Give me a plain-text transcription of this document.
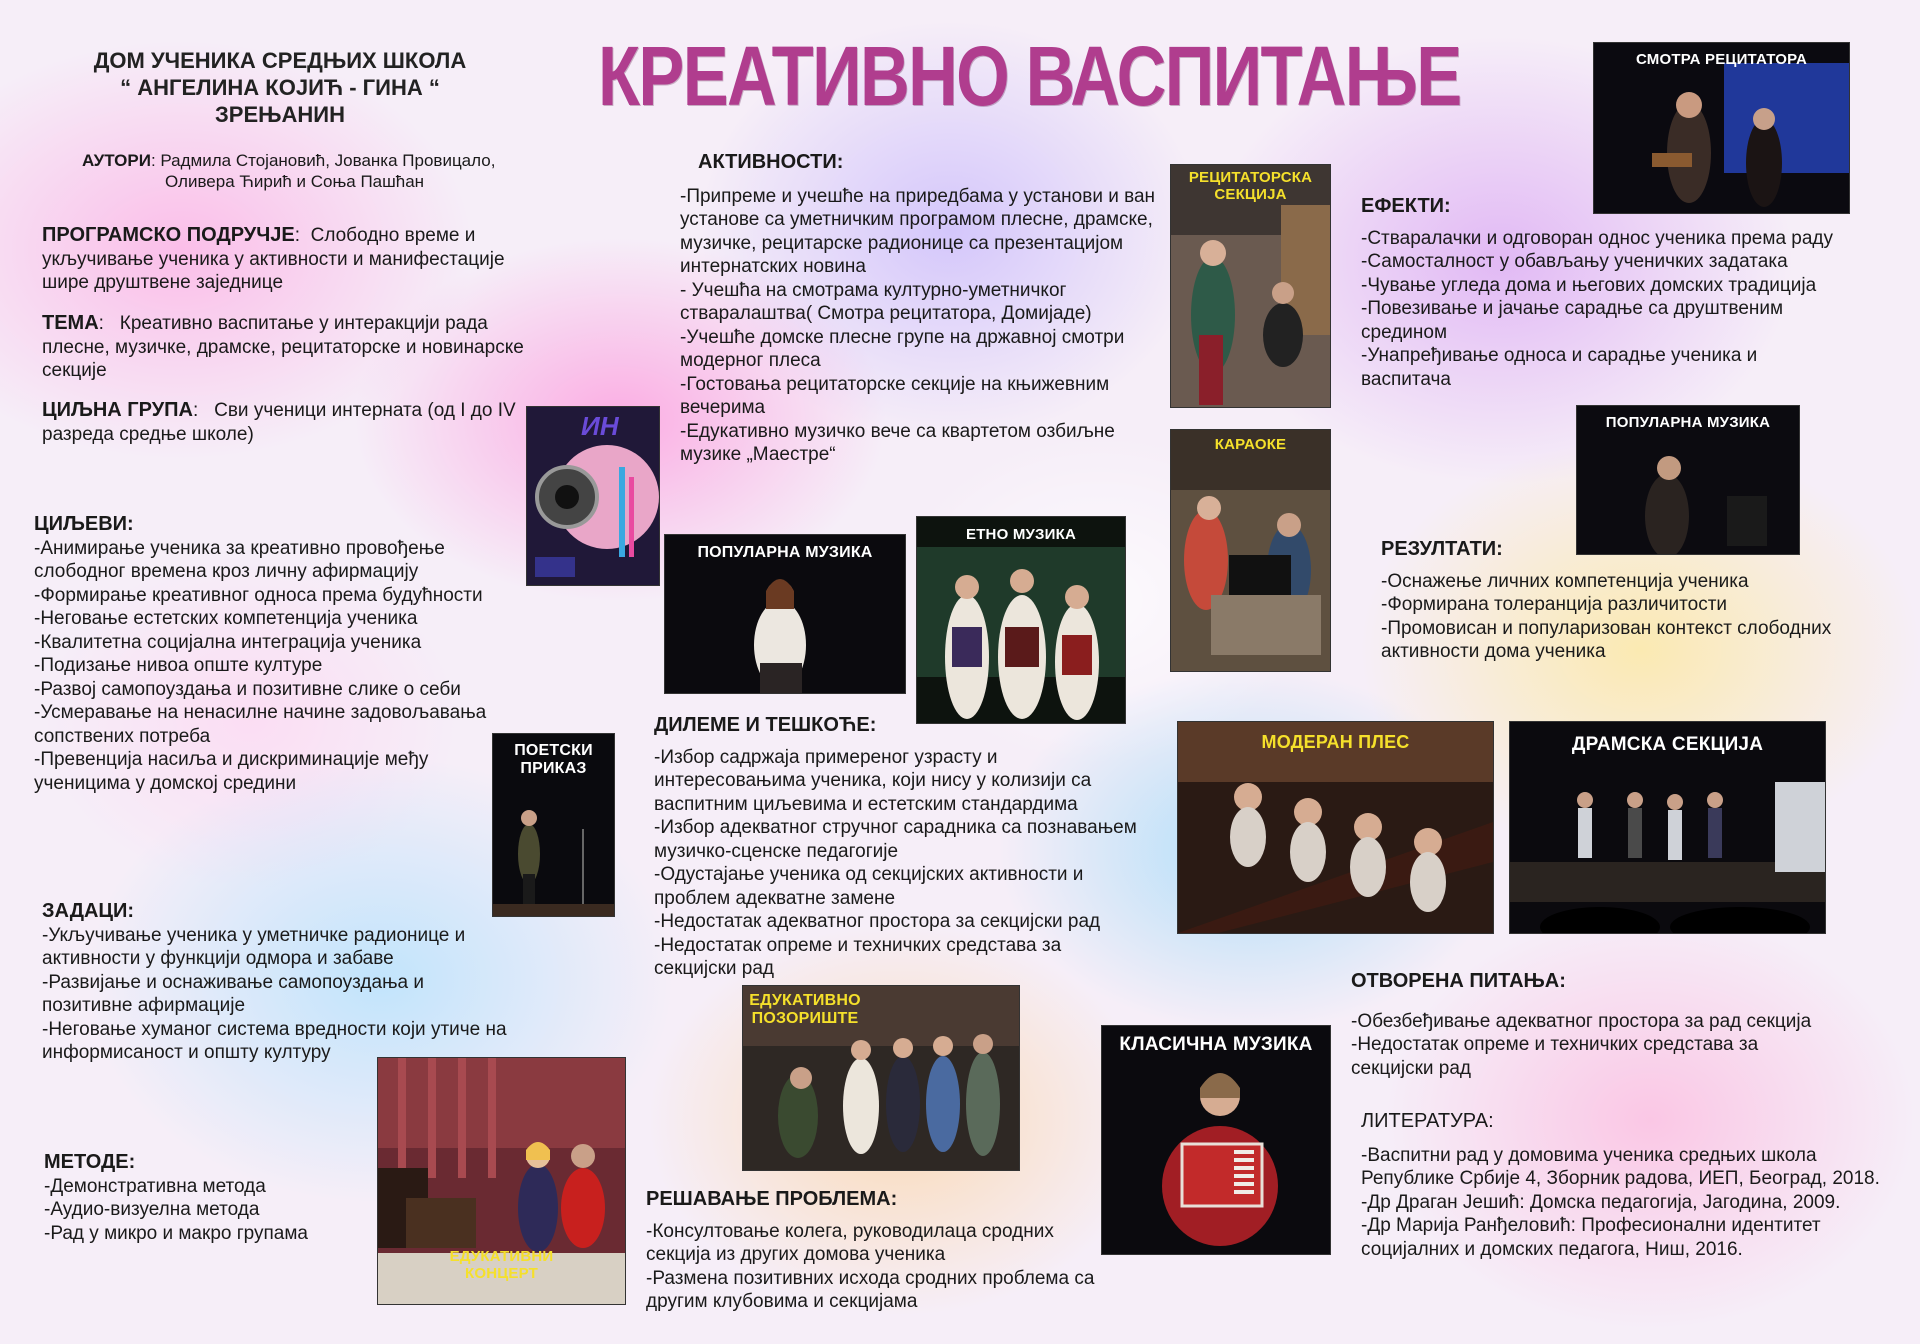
ДОМ УЧЕНИКА СРЕДЊИХ ШКОЛА
“ АНГЕЛИНА КОЈИЋ - ГИНА “
ЗРЕЊАНИН
АУТОРИ: Радмила Стојановић, Јованка Провицало,
Оливера Ћирић и Соња Пашћан
КРЕАТИВНО ВАСПИТАЊЕ

ПРОГРАМСКО ПОДРУЧЈЕ:  Слободно време и укључивање ученика у активности и манифестације шире друштвене заједнице

ТЕМА:   Креативно васпитање у интеракцији рада плесне, музичке, драмске, рецитаторске и новинарске секције

ЦИЉНА ГРУПА:   Сви ученици интерната (од I до IV разреда средње школе)

ЦИЉЕВИ:
-Анимирање ученика за креативно провођење слободног времена кроз личну афирмацију
-Формирање креативног односа према будућности
-Неговање естетских компетенција ученика
-Квалитетна социјална интеграција ученика
-Подизање нивоа опште културе
-Развој самопоуздања и позитивне слике о себи
-Усмеравање на ненасилне начине задовољавања сопствених потреба
-Превенција насиља и дискриминације међу ученицима у домској средини
ЗАДАЦИ:
-Укључивање ученика у уметничке радионице и активности у функцији одмора и забаве
-Развијање и оснаживање самопоуздања и позитивне афирмације
-Неговање хуманог система вредности који утиче на информисаност и општу културу
МЕТОДЕ:
-Демонстративна метода
-Аудио-визуелна метода
-Рад у микро и макро групама
АКТИВНОСТИ:
-Припреме и учешће на приредбама у установи и ван установе са уметничким програмом плесне, драмске, музичке, рецитарске радионице са презентацијом интернатских новина
- Учешћа на смотрама културно-уметничког стваралаштва( Смотра рецитатора, Домијаде)
-Учешће домске плесне групе на државној смотри модерног плеса
-Гостовања рецитаторске секције на књижевним вечерима
-Едукативно музичко вече са квартетом озбиљне музике „Маестре“
ДИЛЕМЕ И ТЕШКОЋЕ:
-Избор садржаја примереног узрасту и интересовањима ученика, који нису у колизији са васпитним циљевима и естетским стандардима
-Избор адекватног стручног сарадника са познавањем музичко-сценске педагогије
-Одустајање ученика од секцијских активности и проблем адекватне замене
-Недостатак адекватног простора за секцијски рад
-Недостатак опреме и техничких средстава за секцијски рад
РЕШАВАЊЕ ПРОБЛЕМА:
-Консултовање колега, руководилаца сродних секција из других домова ученика
-Размена позитивних исхода сродних проблема са другим клубовима и секцијама
ЕФЕКТИ:
-Стваралачки и одговоран однос ученика према раду
-Самосталност у обављању ученичких задатака
-Чување угледа дома и његових домских традиција
-Повезивање и јачање сарадње са друштвеним средином
-Унапређивање односа и сарадње ученика и васпитача
РЕЗУЛТАТИ:
-Оснажење личних компетенција ученика
-Формирана толеранција различитости
-Промовисан и популаризован контекст слободних активности дома ученика
ОТВОРЕНА ПИТАЊА:
-Обезбеђивање адекватног простора за рад секција
-Недостатак опреме и техничких средстава за секцијски рад
ЛИТЕРАТУРА:
-Васпитни рад у домовима ученика средњих школа Републике Србије 4, Зборник радова, ИЕП, Београд, 2018.
-Др Драган Јешић: Домска педагогија, Јагодина, 2009.
-Др Марија Ранђеловић: Професионални идентитет социјалних и домских педагога, Ниш, 2016.
ИН
СМОТРА РЕЦИТАТОРА
РЕЦИТАТОРСКА
СЕКЦИЈА
КАРАОКЕ
ПОПУЛАРНА МУЗИКА
ПОПУЛАРНА МУЗИКА
ЕТНО МУЗИКА
ПОЕТСКИ
ПРИКАЗ
МОДЕРАН ПЛЕС	ДРАМСКА СЕКЦИЈА
ЕДУКАТИВНО
ПОЗОРИШТЕ
КЛАСИЧНА МУЗИКА
ЕДУКАТИВНИ
КОНЦЕРТ
